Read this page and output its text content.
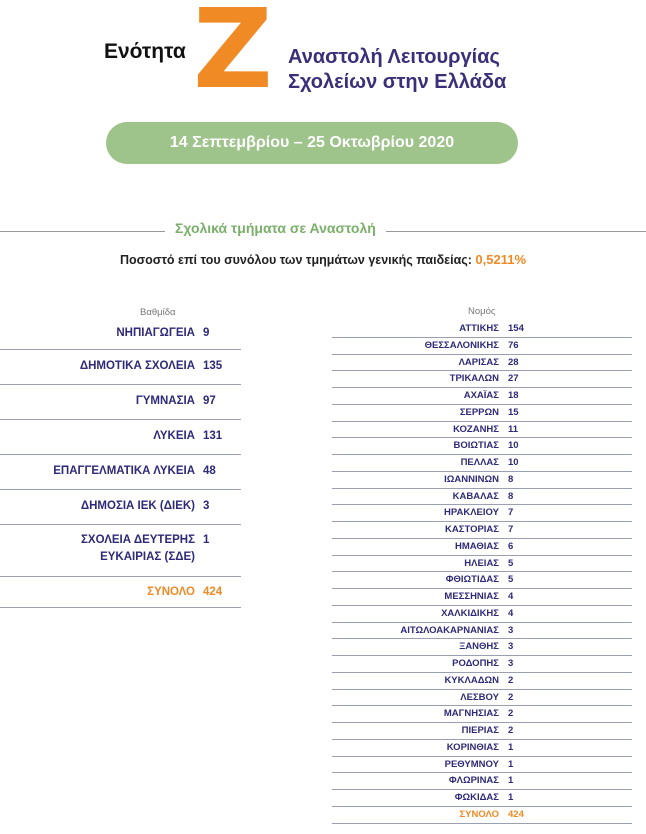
Ενότητα Z Αναστολή Λειτουργίας
Σχολείων στην Ελλάδα
14 Σεπτεμβρίου – 25 Οκτωβρίου 2020
Σχολικά τμήματα σε Αναστολή
Ποσοστό επί του συνόλου των τμημάτων γενικής παιδείας: 0,5211%
Βαθμίδα	Νομός
ΝΗΠΙΑΓΩΓΕΙΑ 9
ΔΗΜΟΤΙΚΑ ΣΧΟΛΕΙΑ 135
ΓΥΜΝΑΣΙΑ 97
ΛΥΚΕΙΑ 131
ΕΠΑΓΓΕΛΜΑΤΙΚΑ ΛΥΚΕΙΑ 48
ΔΗΜΟΣΙΑ ΙΕΚ (ΔΙΕΚ) 3
ΣΧΟΛΕΙΑ ΔΕΥΤΕΡΗΣ
ΕΥΚΑΙΡΙΑΣ (ΣΔΕ)
1
ΣΥΝΟΛΟ 424
ΑΤΤΙΚΗΣ 154
ΘΕΣΣΑΛΟΝΙΚΗΣ 76
ΛΑΡΙΣΑΣ 28
ΤΡΙΚΑΛΩΝ 27
ΑΧΑΪΑΣ 18
ΣΕΡΡΩΝ 15
ΚΟΖΑΝΗΣ 11
ΒΟΙΩΤΙΑΣ 10
ΠΕΛΛΑΣ 10
ΙΩΑΝΝΙΝΩΝ 8
ΚΑΒΑΛΑΣ 8
ΗΡΑΚΛΕΙΟΥ 7
ΚΑΣΤΟΡΙΑΣ 7
ΗΜΑΘΙΑΣ 6
ΗΛΕΙΑΣ 5
ΦΘΙΩΤΙΔΑΣ 5
ΜΕΣΣΗΝΙΑΣ 4
ΧΑΛΚΙΔΙΚΗΣ 4
ΑΙΤΩΛΟΑΚΑΡΝΑΝΙΑΣ 3
ΞΑΝΘΗΣ 3
ΡΟΔΟΠΗΣ 3
ΚΥΚΛΑΔΩΝ 2
ΛΕΣΒΟΥ 2
ΜΑΓΝΗΣΙΑΣ 2
ΠΙΕΡΙΑΣ 2
ΚΟΡΙΝΘΙΑΣ 1
ΡΕΘΥΜΝΟΥ 1
ΦΛΩΡΙΝΑΣ 1
ΦΩΚΙΔΑΣ 1
ΣΥΝΟΛΟ 424
